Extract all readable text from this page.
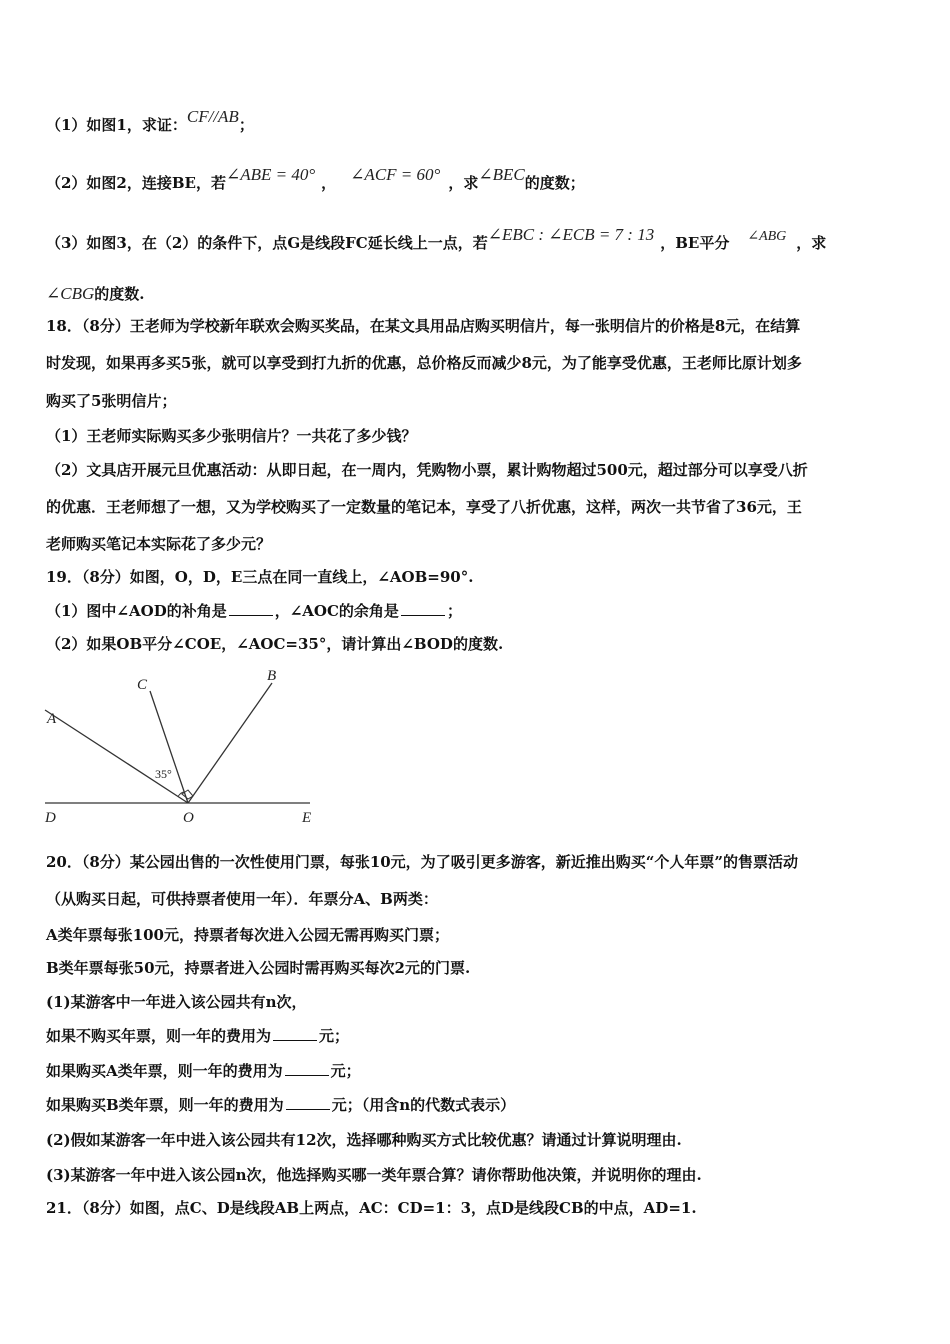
（1）如图1，求证：CF//AB；
（2）如图2，连接BE，若∠ABE = 40° ， ∠ACF = 60° ，求∠BEC的度数；
（3）如图3，在（2）的条件下，点G是线段FC延长线上一点，若∠EBC : ∠ECB = 7 : 13 ，BE平分 ∠ABG ，求
∠CBG的度数.
18．（8分）王老师为学校新年联欢会购买奖品，在某文具用品店购买明信片，每一张明信片的价格是8元，在结算
时发现，如果再多买5张，就可以享受到打九折的优惠，总价格反而减少8元，为了能享受优惠，王老师比原计划多
购买了5张明信片；
（1）王老师实际购买多少张明信片？一共花了多少钱？
（2）文具店开展元旦优惠活动：从即日起，在一周内，凭购物小票，累计购物超过500元，超过部分可以享受八折
的优惠．王老师想了一想，又为学校购买了一定数量的笔记本，享受了八折优惠，这样，两次一共节省了36元，王
老师购买笔记本实际花了多少元？
19．（8分）如图，O，D，E三点在同一直线上，∠AOB=90°.
（1）图中∠AOD的补角是	，∠AOC的余角是	；
（2）如果OB平分∠COE，∠AOC=35°，请计算出∠BOD的度数.
A
C
B
35°
D	O	E
20．（8分）某公园出售的一次性使用门票，每张10元，为了吸引更多游客，新近推出购买“个人年票”的售票活动
（从购买日起，可供持票者使用一年）．年票分A、B两类：
A类年票每张100元，持票者每次进入公园无需再购买门票；
B类年票每张50元，持票者进入公园时需再购买每次2元的门票.
(1)某游客中一年进入该公园共有n次，
如果不购买年票，则一年的费用为	元；
如果购买A类年票，则一年的费用为	元；
如果购买B类年票，则一年的费用为	元；（用含n的代数式表示）
(2)假如某游客一年中进入该公园共有12次，选择哪种购买方式比较优惠？请通过计算说明理由.
(3)某游客一年中进入该公园n次，他选择购买哪一类年票合算？请你帮助他决策，并说明你的理由.
21．（8分）如图，点C、D是线段AB上两点，AC：CD=1：3，点D是线段CB的中点，AD=1.
